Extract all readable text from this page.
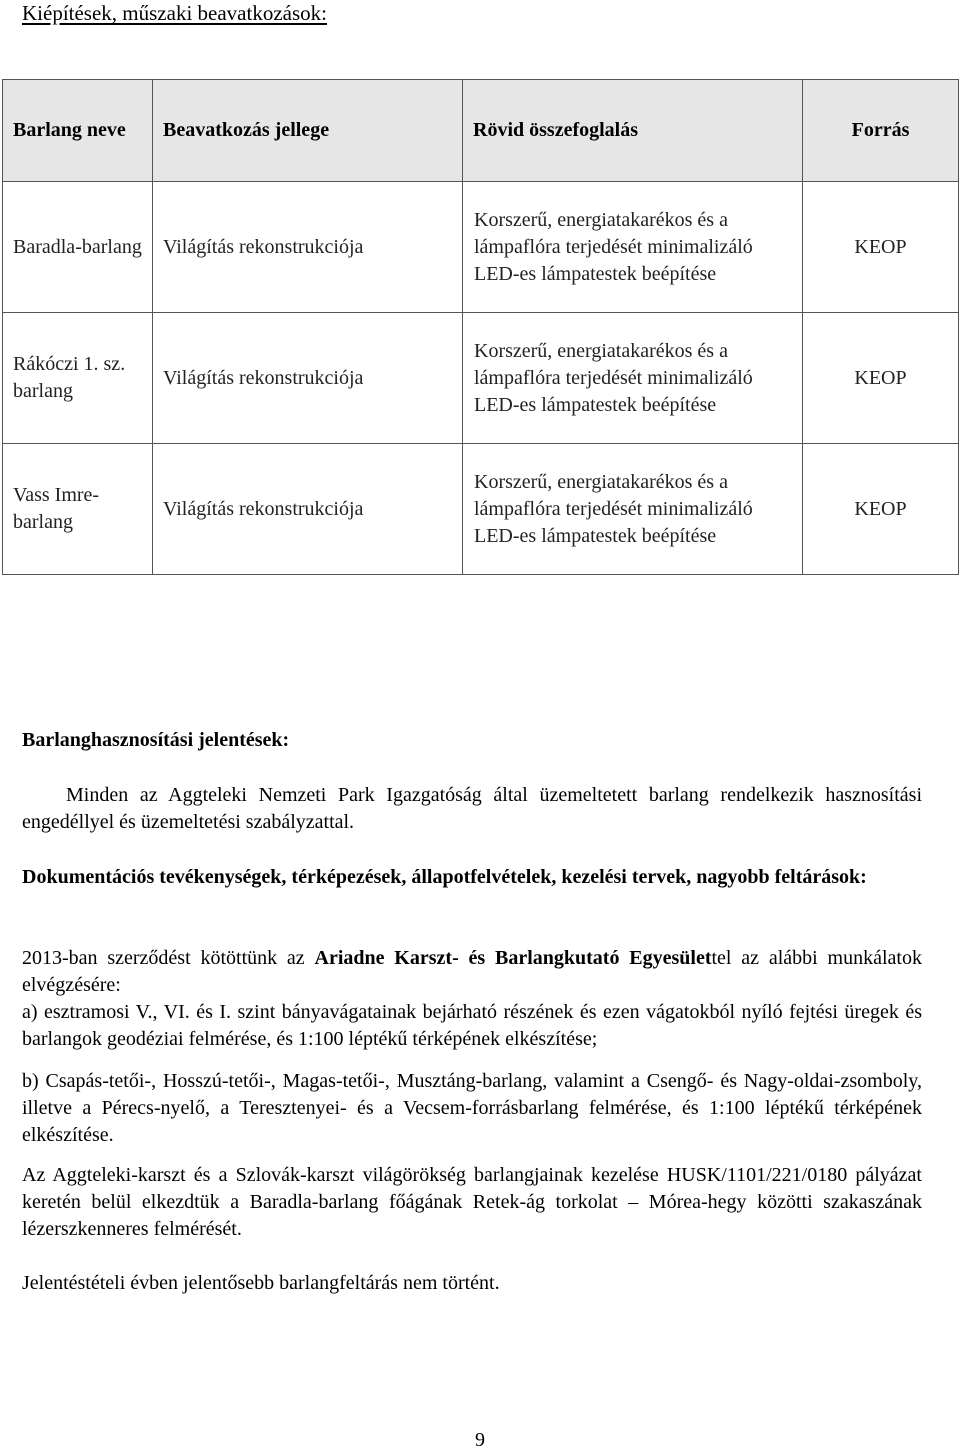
Kiépítések, műszaki beavatkozások:
Barlang neve	Beavatkozás jellege	Rövid összefoglalás	Forrás
Baradla-barlang	Világítás rekonstrukciója	Korszerű, energiatakarékos és a lámpaflóra terjedését minimalizáló LED-es lámpatestek beépítése	KEOP
Rákóczi 1. sz. barlang	Világítás rekonstrukciója	Korszerű, energiatakarékos és a lámpaflóra terjedését minimalizáló LED-es lámpatestek beépítése	KEOP
Vass Imre-barlang	Világítás rekonstrukciója	Korszerű, energiatakarékos és a lámpaflóra terjedését minimalizáló LED-es lámpatestek beépítése	KEOP
Barlanghasznosítási jelentések:
Minden az Aggteleki Nemzeti Park Igazgatóság által üzemeltetett barlang rendelkezik hasznosítási engedéllyel és üzemeltetési szabályzattal.
Dokumentációs tevékenységek, térképezések, állapotfelvételek, kezelési tervek, nagyobb feltárások:
2013-ban szerződést kötöttünk az Ariadne Karszt- és Barlangkutató Egyesülettel az alábbi munkálatok elvégzésére:
a) esztramosi V., VI. és I. szint bányavágatainak bejárható részének és ezen vágatokból nyíló fejtési üregek és barlangok geodéziai felmérése, és 1:100 léptékű térképének elkészítése;
b) Csapás-tetői-, Hosszú-tetői-, Magas-tetői-, Musztáng-barlang, valamint a Csengő- és Nagy-oldai-zsomboly, illetve a Pérecs-nyelő, a Teresztenyei- és a Vecsem-forrásbarlang felmérése, és 1:100 léptékű térképének elkészítése.
Az Aggteleki-karszt és a Szlovák-karszt világörökség barlangjainak kezelése HUSK/1101/221/0180 pályázat keretén belül elkezdtük a Baradla-barlang főágának Retek-ág torkolat – Mórea-hegy közötti szakaszának lézerszkenneres felmérését.
Jelentéstételi évben jelentősebb barlangfeltárás nem történt.
9
